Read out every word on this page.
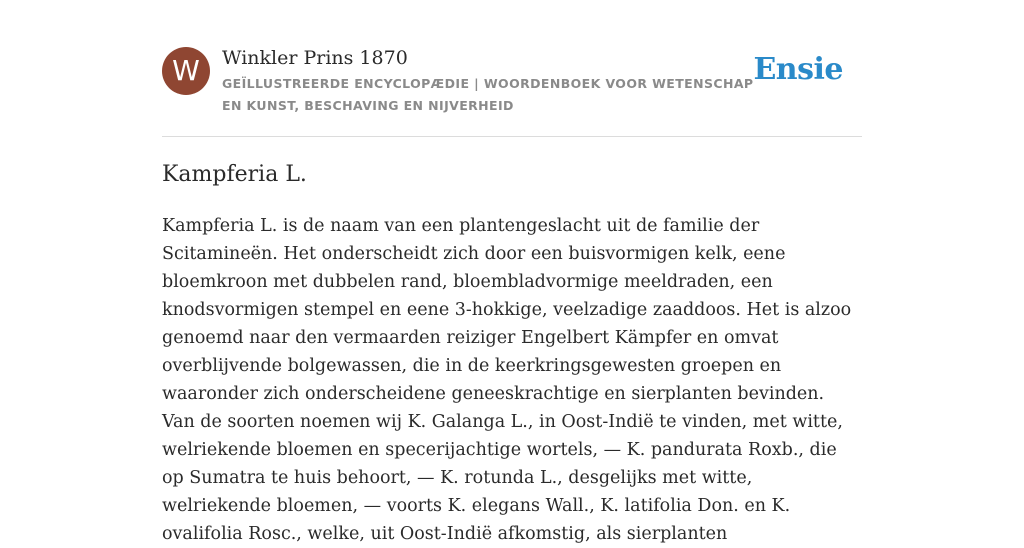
W	Winkler Prins 1870
GEÏLLUSTREERDE ENCYCLOPÆDIE | WOORDENBOEK VOOR WETENSCHAP EN KUNST, BESCHAVING EN NIJVERHEID
Ensie
Kampferia L.

Kampferia L. is de naam van een plantengeslacht uit de familie der Scitamineën. Het onderscheidt zich door een buisvormigen kelk, eene bloemkroon met dubbelen rand, bloembladvormige meeldraden, een knodsvormigen stempel en eene 3-hokkige, veelzadige zaaddoos. Het is alzoo genoemd naar den vermaarden reiziger Engelbert Kämpfer en omvat overblijvende bolgewassen, die in de keerkringsgewesten groepen en waaronder zich onderscheidene geneeskrachtige en sierplanten bevinden. Van de soorten noemen wij K. Galanga L., in Oost-Indië te vinden, met witte, welriekende bloemen en specerijachtige wortels, — K. pandurata Roxb., die op Sumatra te huis behoort, — K. rotunda L., desgelijks met witte, welriekende bloemen, — voorts K. elegans Wall., K. latifolia Don. en K. ovalifolia Rosc., welke, uit Oost-Indië afkomstig, als sierplanten
